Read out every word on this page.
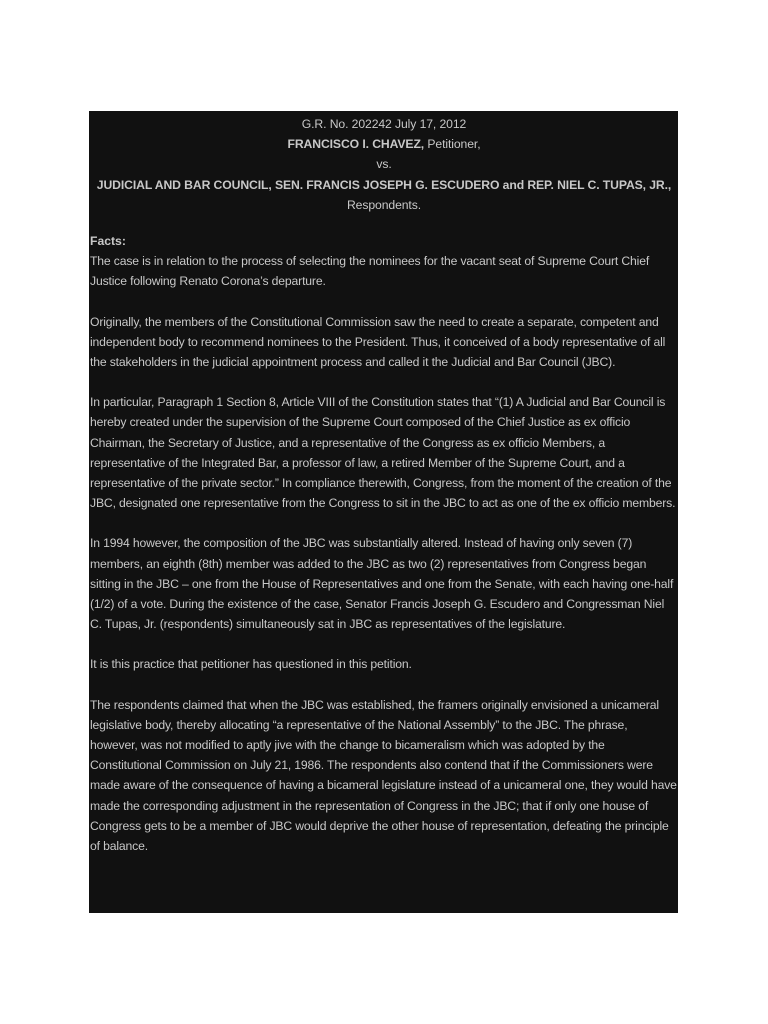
G.R. No. 202242 July 17, 2012

FRANCISCO I. CHAVEZ, Petitioner,

vs.

JUDICIAL AND BAR COUNCIL, SEN. FRANCIS JOSEPH G. ESCUDERO and REP. NIEL C. TUPAS, JR., Respondents.

Facts:

The case is in relation to the process of selecting the nominees for the vacant seat of Supreme Court Chief Justice following Renato Corona’s departure.

Originally, the members of the Constitutional Commission saw the need to create a separate, competent and independent body to recommend nominees to the President. Thus, it conceived of a body representative of all the stakeholders in the judicial appointment process and called it the Judicial and Bar Council (JBC).

In particular, Paragraph 1 Section 8, Article VIII of the Constitution states that “(1) A Judicial and Bar Council is hereby created under the supervision of the Supreme Court composed of the Chief Justice as ex officio Chairman, the Secretary of Justice, and a representative of the Congress as ex officio Members, a representative of the Integrated Bar, a professor of law, a retired Member of the Supreme Court, and a representative of the private sector.” In compliance therewith, Congress, from the moment of the creation of the JBC, designated one representative from the Congress to sit in the JBC to act as one of the ex officio members.

In 1994 however, the composition of the JBC was substantially altered. Instead of having only seven (7) members, an eighth (8th) member was added to the JBC as two (2) representatives from Congress began sitting in the JBC – one from the House of Representatives and one from the Senate, with each having one-half (1/2) of a vote. During the existence of the case, Senator Francis Joseph G. Escudero and Congressman Niel C. Tupas, Jr. (respondents) simultaneously sat in JBC as representatives of the legislature.

It is this practice that petitioner has questioned in this petition.

The respondents claimed that when the JBC was established, the framers originally envisioned a unicameral legislative body, thereby allocating “a representative of the National Assembly” to the JBC. The phrase, however, was not modified to aptly jive with the change to bicameralism which was adopted by the Constitutional Commission on July 21, 1986. The respondents also contend that if the Commissioners were made aware of the consequence of having a bicameral legislature instead of a unicameral one, they would have made the corresponding adjustment in the representation of Congress in the JBC; that if only one house of Congress gets to be a member of JBC would deprive the other house of representation, defeating the principle of balance.
